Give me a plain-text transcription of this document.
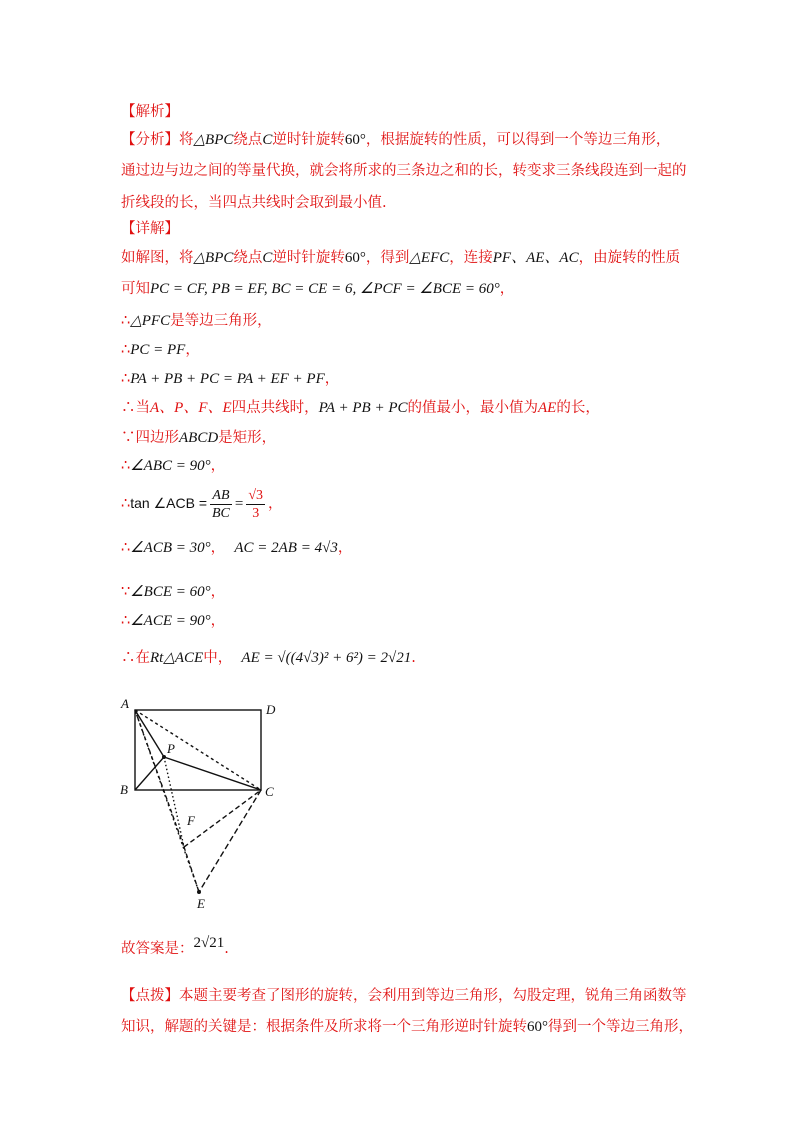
【解析】
【分析】将△BPC绕点C逆时针旋转60°，根据旋转的性质，可以得到一个等边三角形，
通过边与边之间的等量代换，就会将所求的三条边之和的长，转变求三条线段连到一起的
折线段的长，当四点共线时会取到最小值.
【详解】
如解图，将△BPC绕点C逆时针旋转60°，得到△EFC，连接PF、AE、AC，由旋转的性质
可知PC = CF, PB = EF, BC = CE = 6, ∠PCF = ∠BCE = 60°，
∴△PFC是等边三角形，
∴PC = PF，
∴PA + PB + PC = PA + EF + PF，
∴当A、P、F、E四点共线时，PA + PB + PC的值最小，最小值为AE的长，
∵四边形ABCD是矩形，
∴∠ABC = 90°，
∴tan ∠ACB = $\frac{AB}{BC} = \frac{√3}{3}$ ，
∴∠ACB = 30°， AC = 2AB = 4√3，
∵∠BCE = 60°，
∴∠ACE = 90°，
∴在Rt△ACE中， AE = √((4√3)² + 6²) = 2√21.
A	D
B	C
P
F
E
故答案是：2√21.
【点拨】本题主要考查了图形的旋转，会利用到等边三角形，勾股定理，锐角三角函数等
知识，解题的关键是：根据条件及所求将一个三角形逆时针旋转60°得到一个等边三角形，
